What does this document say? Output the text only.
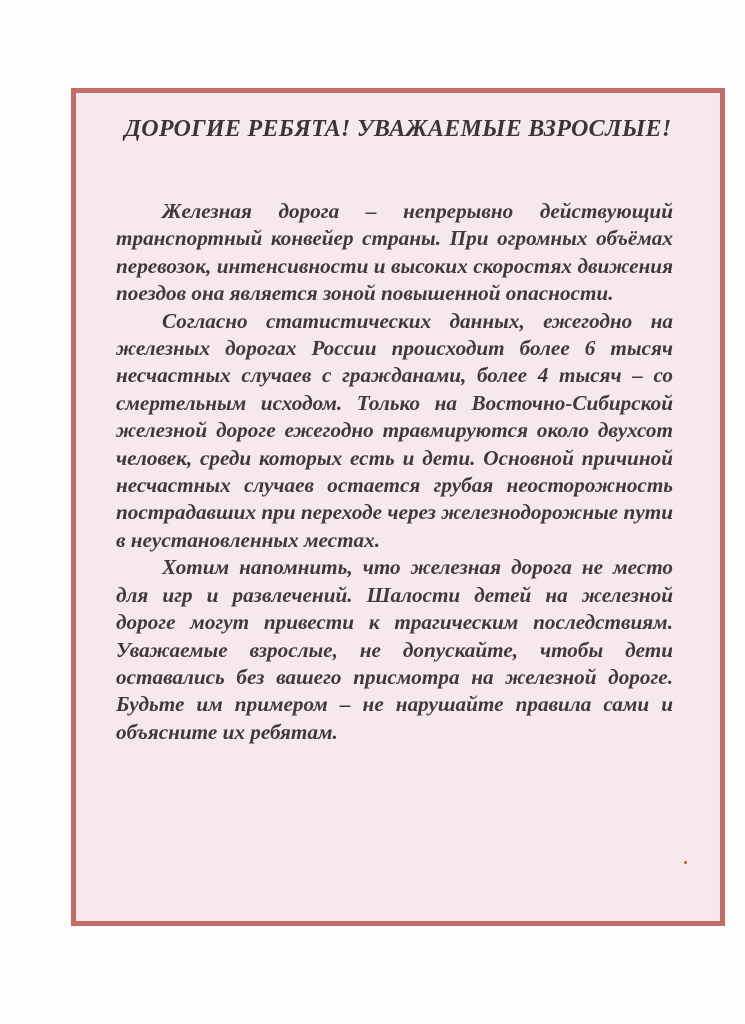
ДОРОГИЕ РЕБЯТА! УВАЖАЕМЫЕ ВЗРОСЛЫЕ!

Железная дорога – непрерывно действующий транспортный конвейер страны. При огромных объёмах перевозок, интенсивности и высоких скоростях движения поездов она является зоной повышенной опасности.

Согласно статистических данных, ежегодно на железных дорогах России происходит более 6 тысяч несчастных случаев с гражданами, более 4 тысяч – со смертельным исходом. Только на Восточно-Сибирской железной дороге ежегодно травмируются около двухсот человек, среди которых есть и дети. Основной причиной несчастных случаев остается грубая неосторожность пострадавших при переходе через железнодорожные пути в неустановленных местах.

Хотим напомнить, что железная дорога не место для игр и развлечений. Шалости детей на железной дороге могут привести к трагическим последствиям. Уважаемые взрослые, не допускайте, чтобы дети оставались без вашего присмотра на железной дороге. Будьте им примером – не нарушайте правила сами и объясните их ребятам.
